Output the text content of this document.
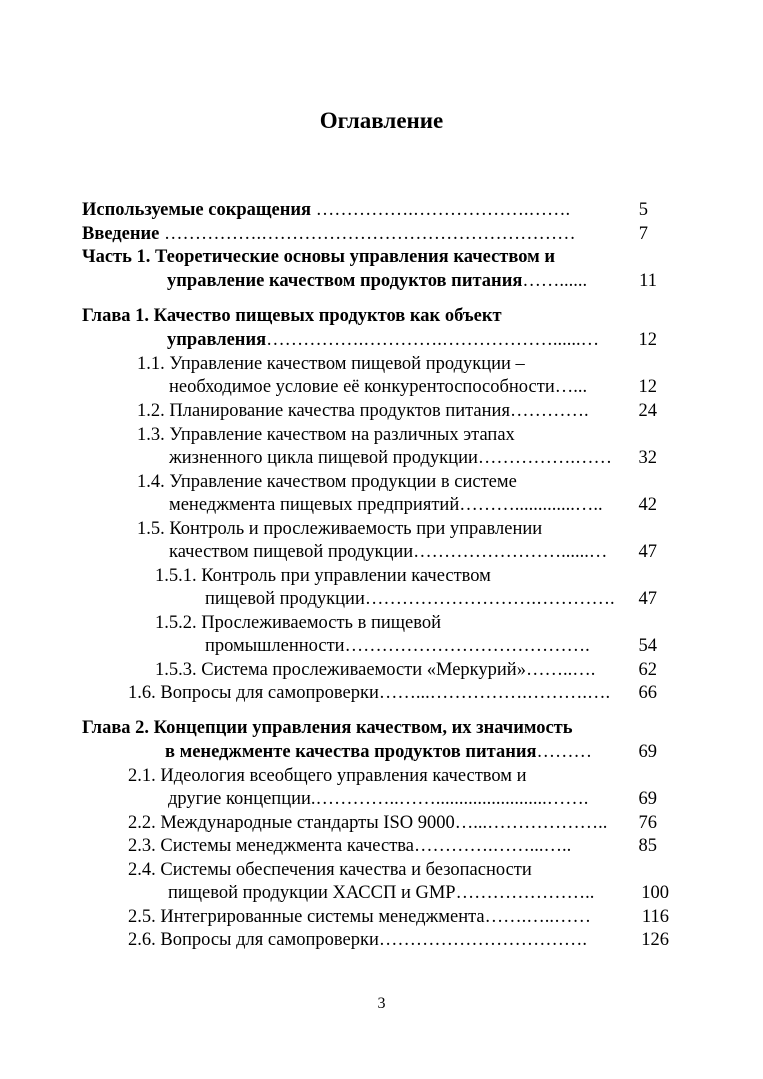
Оглавление
Используемые сокращения …………….……………….…….	5
Введение …………….……………………………………………	7
Часть 1. Теоретические основы управления качеством и
управление качеством продуктов питания……......	11
Глава 1. Качество пищевых продуктов как объект
управления…………….………….………………......… 12
1.1. Управление качеством пищевой продукции –
необходимое условие её конкурентоспособности…...	12
1.2. Планирование качества продуктов питания………….	24
1.3. Управление качеством на различных этапах
жизненного цикла пищевой продукции…………….…… 32
1.4. Управление качеством продукции в системе
менеджмента пищевых предприятий……….............….. 42
1.5. Контроль и прослеживаемость при управлении
качеством пищевой продукции……………………......… 47
1.5.1. Контроль при управлении качеством
пищевой продукции……………………….…………. 47
1.5.2. Прослеживаемость в пищевой
промышленности………………………………….	54
1.5.3. Система прослеживаемости «Меркурий»……..…. 62
1.6. Вопросы для самопроверки……...…………….……….…. 66
Глава 2. Концепции управления качеством, их значимость
в менеджменте качества продуктов питания………	69
2.1. Идеология всеобщего управления качеством и
другие концепции.…………..……........................…….	69
2.2. Международные стандарты ISO 9000…...……………….. 76
2.3. Системы менеджмента качества………….……...…..	85
2.4. Системы обеспечения качества и безопасности
пищевой продукции ХАССП и GMP…………………..	100
2.5. Интегрированные системы менеджмента…….…..……	116
2.6. Вопросы для самопроверки…………………………….	126
3
